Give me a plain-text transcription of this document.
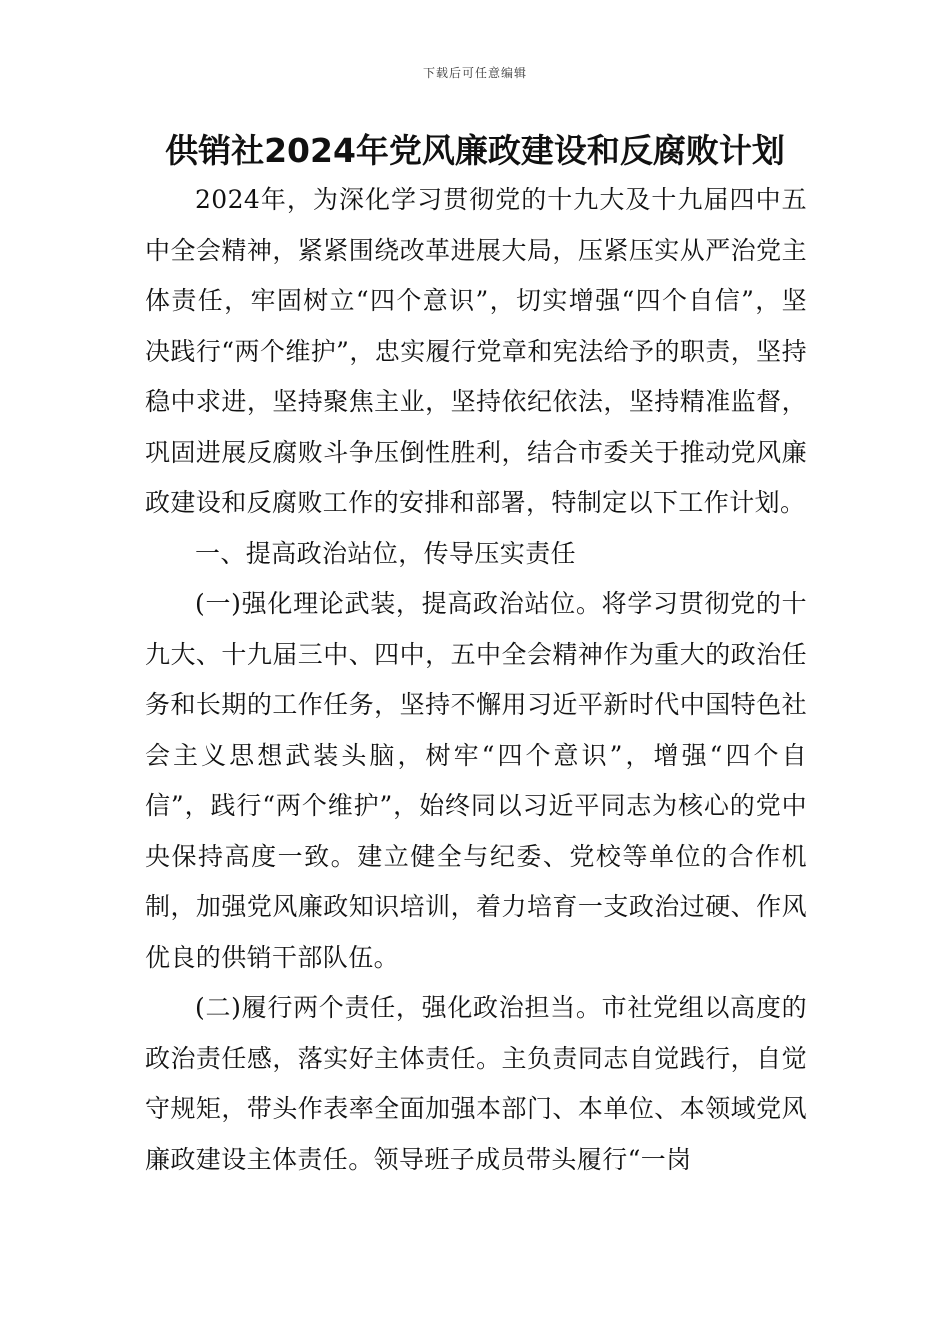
下载后可任意编辑
供销社2024年党风廉政建设和反腐败计划

2024年，为深化学习贯彻党的十九大及十九届四中五中全会精神，紧紧围绕改革进展大局，压紧压实从严治党主体责任，牢固树立“四个意识”，切实增强“四个自信”，坚决践行“两个维护”，忠实履行党章和宪法给予的职责，坚持稳中求进，坚持聚焦主业，坚持依纪依法，坚持精准监督，巩固进展反腐败斗争压倒性胜利，结合市委关于推动党风廉政建设和反腐败工作的安排和部署，特制定以下工作计划。

一、提高政治站位，传导压实责任

(一)强化理论武装，提高政治站位。将学习贯彻党的十九大、十九届三中、四中，五中全会精神作为重大的政治任务和长期的工作任务，坚持不懈用习近平新时代中国特色社会主义思想武装头脑，树牢“四个意识”，增强“四个自信”，践行“两个维护”，始终同以习近平同志为核心的党中央保持高度一致。建立健全与纪委、党校等单位的合作机制，加强党风廉政知识培训，着力培育一支政治过硬、作风优良的供销干部队伍。

(二)履行两个责任，强化政治担当。市社党组以高度的政治责任感，落实好主体责任。主负责同志自觉践行，自觉守规矩，带头作表率全面加强本部门、本单位、本领域党风廉政建设主体责任。领导班子成员带头履行“一岗
